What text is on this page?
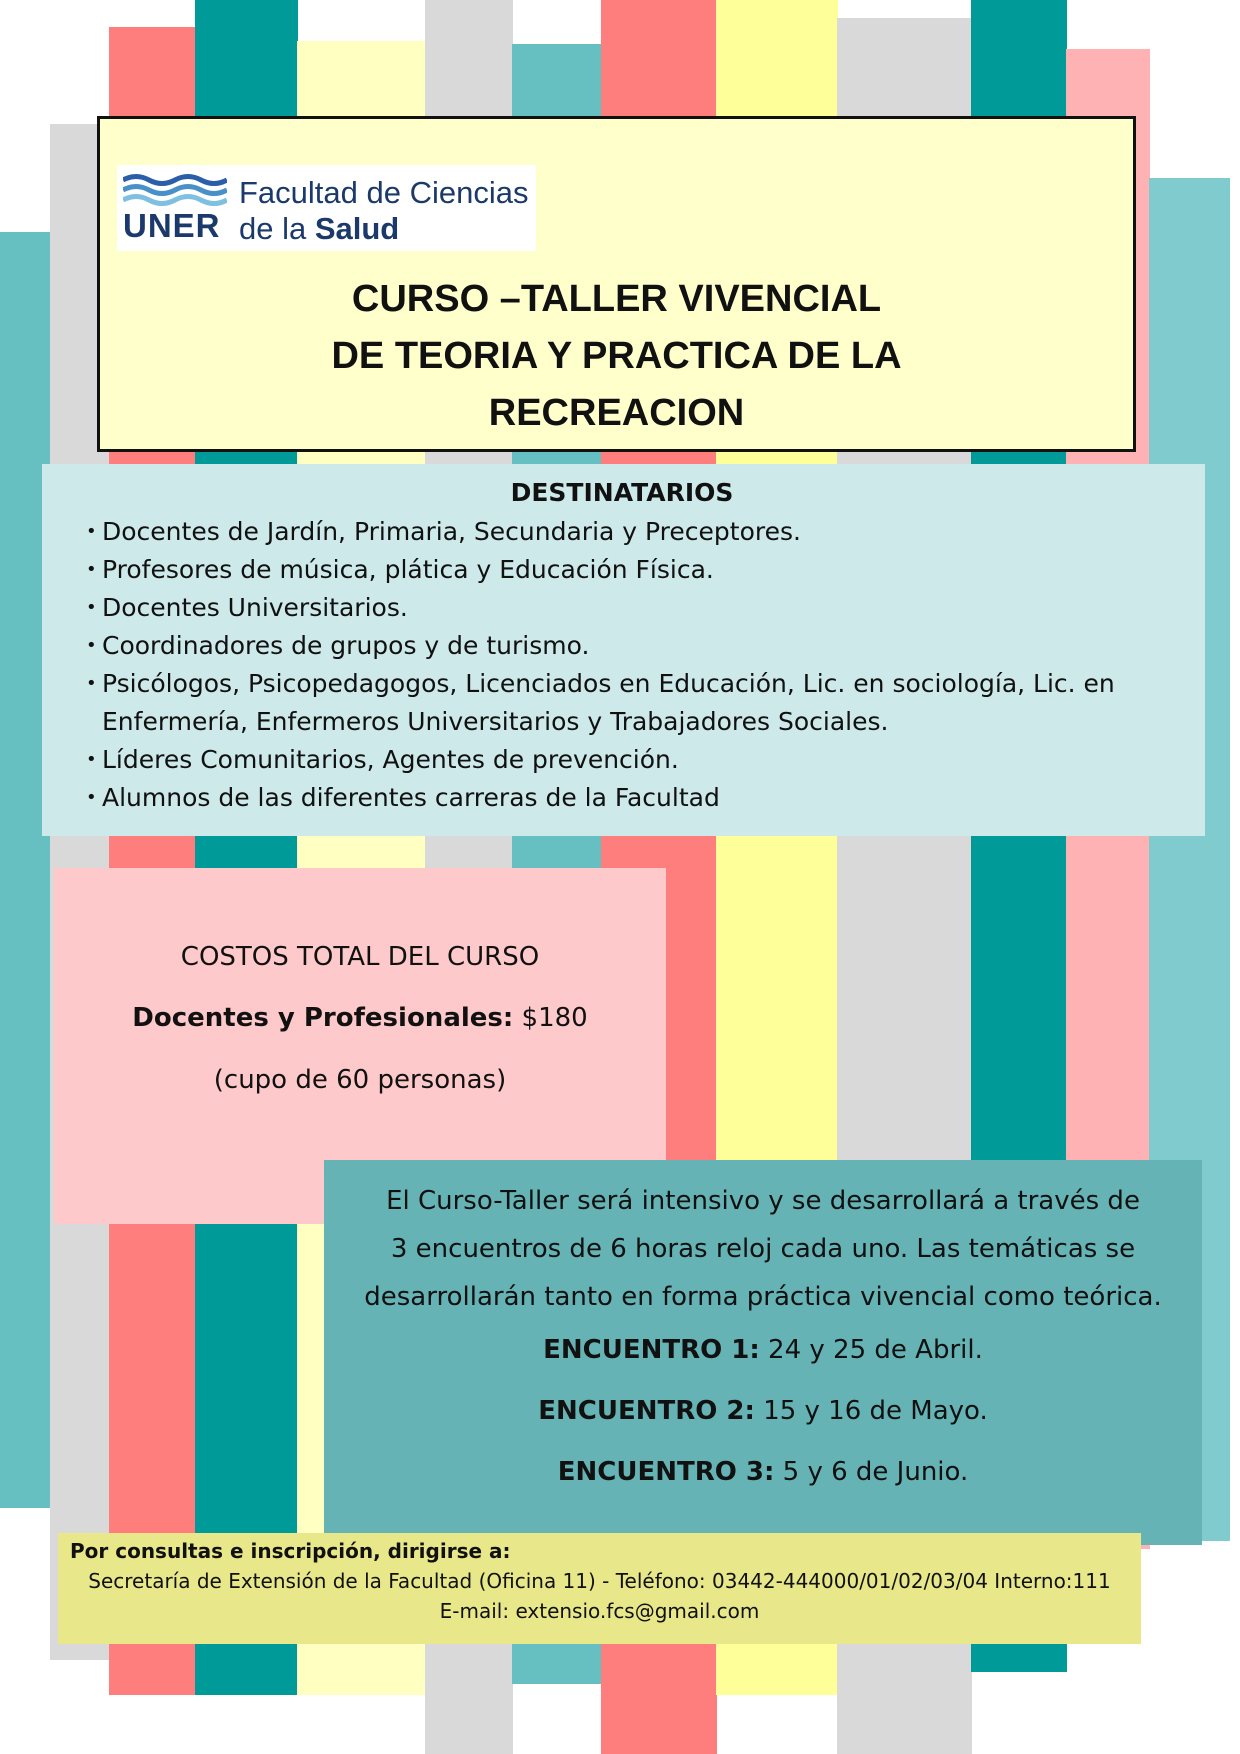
UNER
Facultad de Ciencias
de la Salud
CURSO –TALLER VIVENCIAL
DE TEORIA Y PRACTICA DE LA
RECREACION
DESTINATARIOS
• Docentes de Jardín, Primaria, Secundaria y Preceptores.
• Profesores de música, plática y Educación Física.
• Docentes Universitarios.
• Coordinadores de grupos y de turismo.
• Psicólogos, Psicopedagogos, Licenciados en Educación, Lic. en sociología, Lic. en
Enfermería, Enfermeros Universitarios y Trabajadores Sociales.
• Líderes Comunitarios, Agentes de prevención.
• Alumnos de las diferentes carreras de la Facultad
COSTOS TOTAL DEL CURSO
Docentes y Profesionales: $180
(cupo de 60 personas)
El Curso-Taller será intensivo y se desarrollará a través de
3 encuentros de 6 horas reloj cada uno. Las temáticas se
desarrollarán tanto en forma práctica vivencial como teórica.
ENCUENTRO 1: 24 y 25 de Abril.
ENCUENTRO 2: 15 y 16 de Mayo.
ENCUENTRO 3: 5 y 6 de Junio.
Por consultas e inscripción, dirigirse a:
Secretaría de Extensión de la Facultad (Oficina 11) - Teléfono: 03442-444000/01/02/03/04 Interno:111
E-mail: extensio.fcs@gmail.com
